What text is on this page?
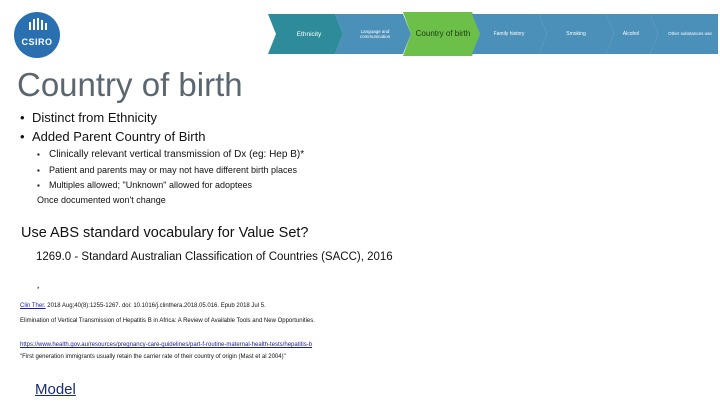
CSIRO
Ethnicity	Language and communication	Country of birth	Family history	Smoking	Alcohol	Other substances use
Country of birth
• Distinct from Ethnicity
• Added Parent Country of Birth
▪ Clinically relevant vertical transmission of Dx (eg: Hep B)*
▪ Patient and parents may or may not have different birth places
▪ Multiples allowed; "Unknown" allowed for adoptees
Once documented won't change
Use ABS standard vocabulary for Value Set?
1269.0 - Standard Australian Classification of Countries (SACC), 2016
*
Clin Ther. 2018 Aug;40(8):1255-1267. doi: 10.1016/j.clinthera.2018.05.016. Epub 2018 Jul 5.
Elimination of Vertical Transmission of Hepatitis B in Africa: A Review of Available Tools and New Opportunities.
https://www.health.gov.au/resources/pregnancy-care-guidelines/part-f-routine-maternal-health-tests/hepatitis-b
"First generation immigrants usually retain the carrier rate of their country of origin (Mast et al 2004)"
Model
